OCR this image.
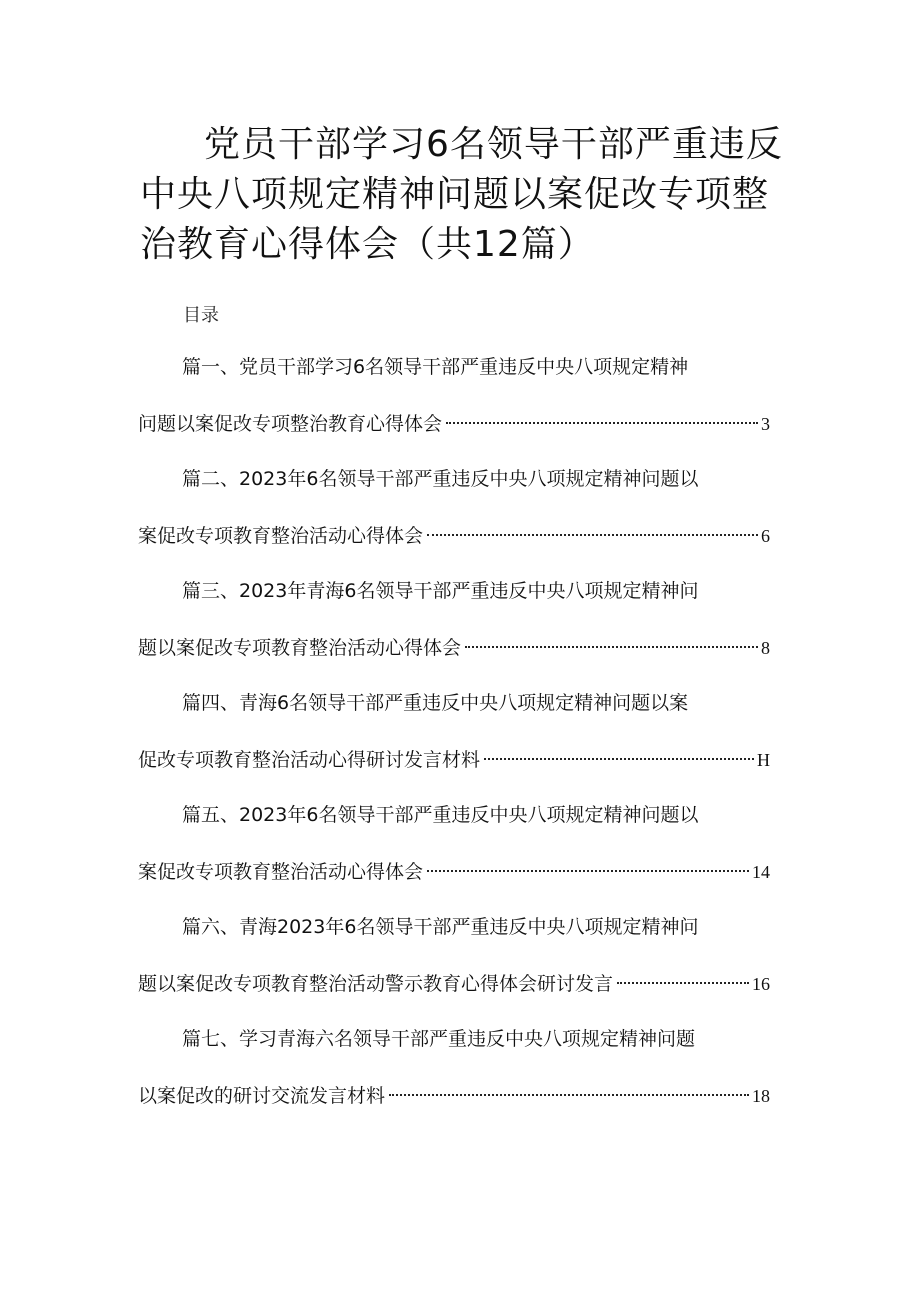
党员干部学习6名领导干部严重违反中央八项规定精神问题以案促改专项整治教育心得体会（共12篇）
目录
篇一、党员干部学习6名领导干部严重违反中央八项规定精神
问题以案促改专项整治教育心得体会	3
篇二、2023年6名领导干部严重违反中央八项规定精神问题以
案促改专项教育整治活动心得体会	6
篇三、2023年青海6名领导干部严重违反中央八项规定精神问
题以案促改专项教育整治活动心得体会	8
篇四、青海6名领导干部严重违反中央八项规定精神问题以案
促改专项教育整治活动心得研讨发言材料	H
篇五、2023年6名领导干部严重违反中央八项规定精神问题以
案促改专项教育整治活动心得体会	14
篇六、青海2023年6名领导干部严重违反中央八项规定精神问
题以案促改专项教育整治活动警示教育心得体会研讨发言	16
篇七、学习青海六名领导干部严重违反中央八项规定精神问题
以案促改的研讨交流发言材料	18
